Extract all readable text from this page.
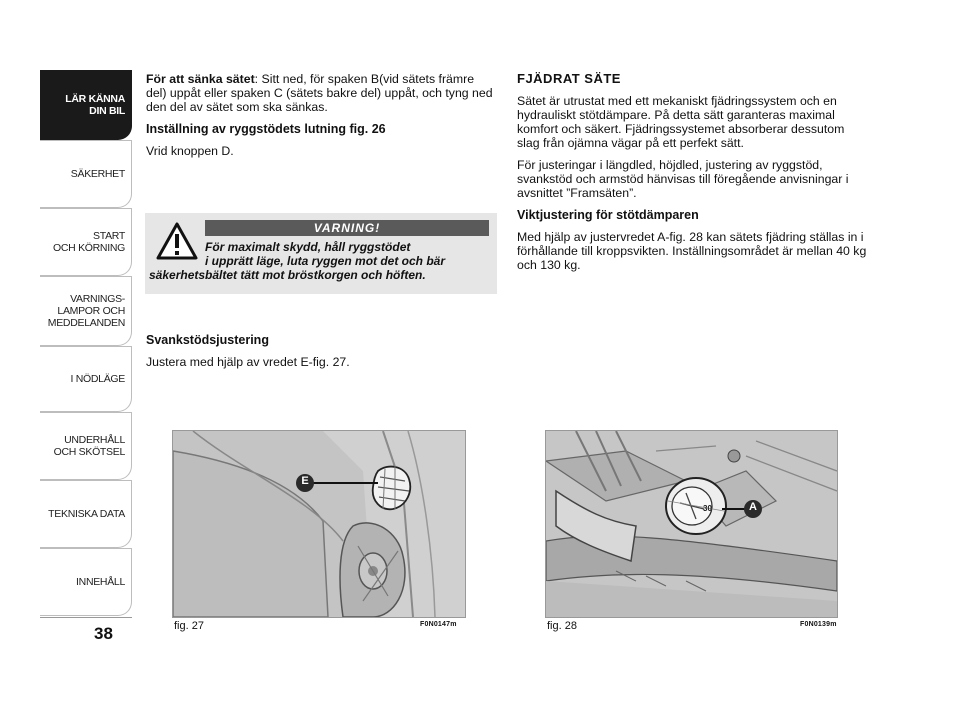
LÄR KÄNNA
DIN BIL
SÄKERHET
START
OCH KÖRNING
VARNINGS-
LAMPOR OCH
MEDDELANDEN
I NÖDLÄGE
UNDERHÅLL
OCH SKÖTSEL
TEKNISKA DATA
INNEHÅLL
38

För att sänka sätet: Sitt ned, för spaken B(vid sätets främre del) uppåt eller spaken C (sätets bakre del) uppåt, och tyng ned den del av sätet som ska sänkas.

Inställning av ryggstödets lutning fig. 26

Vrid knoppen D.

VARNING!
För maximalt skydd, håll ryggstödet
i upprätt läge, luta ryggen mot det och bär
säkerhetsbältet tätt mot bröstkorgen och höften.

Svankstödsjustering

Justera med hjälp av vredet E-fig. 27.

FJÄDRAT SÄTE

Sätet är utrustat med ett mekaniskt fjädringssystem och en hydrauliskt stötdämpare. På detta sätt garanteras maximal komfort och säkert. Fjädringssystemet absorberar dessutom slag från ojämna vägar på ett perfekt sätt.

För justeringar i längdled, höjdled, justering av ryggstöd, svankstöd och armstöd hänvisas till föregående anvisningar i avsnittet ”Framsäten”.

Viktjustering för stötdämparen

Med hjälp av justervredet A-fig. 28 kan sätets fjädring ställas in i förhållande till kroppsvikten. Inställningsområdet är mellan 40 kg och 130 kg.

E
fig. 27	F0N0147m
30	A
fig. 28	F0N0139m
